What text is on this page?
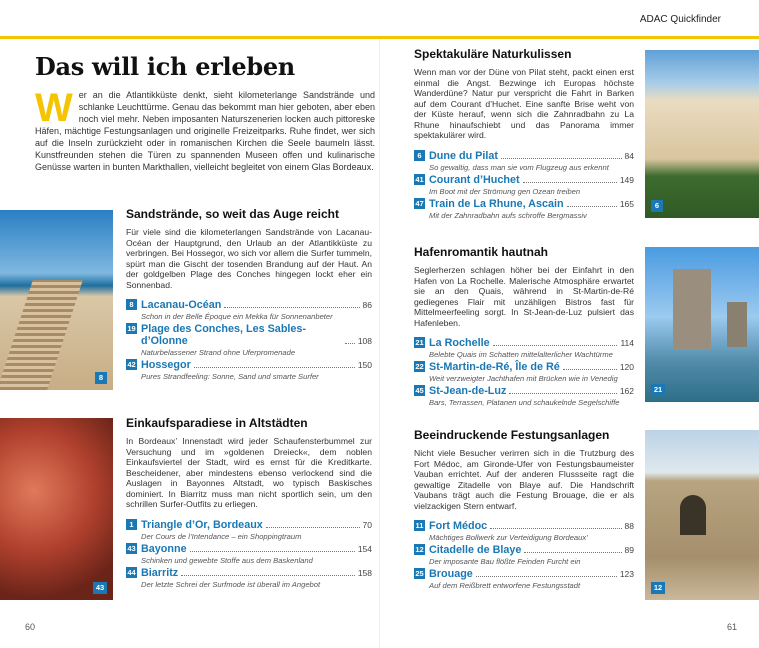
ADAC Quickfinder
Das will ich erleben
Wer an die Atlantikküste denkt, sieht kilometerlange Sandstrände und schlanke Leuchttürme. Genau das bekommt man hier geboten, aber eben noch viel mehr. Neben imposanten Naturszenerien locken auch pittoreske Häfen, mächtige Festungsanlagen und originelle Freizeitparks. Ruhe findet, wer sich auf die Inseln zurückzieht oder in romanischen Kirchen die Seele baumeln lässt. Kunstfreunden stehen die Türen zu spannenden Museen offen und kulinarische Genüsse warten in bunten Markthallen, vielleicht begleitet von einem Glas Bordeaux.
8
43
6
21
12
Sandstrände, so weit das Auge reicht

Für viele sind die kilometerlangen Sandstrände von Lacanau-Océan der Hauptgrund, den Urlaub an der Atlantikküste zu verbringen. Bei Hossegor, wo sich vor allem die Surfer tummeln, spürt man die Gischt der tosenden Brandung auf der Haut. An der goldgelben Plage des Conches hingegen lockt eher ein Sonnenbad.

8 Lacanau-Océan	86
Schon in der Belle Époque ein Mekka für Sonnenanbeter
19 Plage des Conches, Les Sables-d’Olonne	108
Naturbelassener Strand ohne Uferpromenade
42 Hossegor	150
Pures Strandfeeling: Sonne, Sand und smarte Surfer
Einkaufsparadiese in Altstädten

In Bordeaux’ Innenstadt wird jeder Schaufensterbummel zur Versuchung und im »goldenen Dreieck«, dem noblen Einkaufsviertel der Stadt, wird es ernst für die Kreditkarte. Bescheidener, aber mindestens ebenso verlockend sind die Auslagen in Bayonnes Altstadt, wo typisch Baskisches dominiert. In Biarritz muss man nicht sportlich sein, um den schrillen Surfer-Outfits zu erliegen.

1 Triangle d’Or, Bordeaux	70
Der Cours de l’Intendance – ein Shoppingtraum
43 Bayonne	154
Schinken und gewebte Stoffe aus dem Baskenland
44 Biarritz	158
Der letzte Schrei der Surfmode ist überall im Angebot
Spektakuläre Naturkulissen

Wenn man vor der Düne von Pilat steht, packt einen erst einmal die Angst. Bezwinge ich Europas höchste Wanderdüne? Natur pur verspricht die Fahrt in Barken auf dem Courant d’Huchet. Eine sanfte Brise weht von der Küste herauf, wenn sich die Zahnradbahn zu La Rhune hinaufschiebt und das Panorama immer spektakulärer wird.

6 Dune du Pilat	84
So gewaltig, dass man sie vom Flugzeug aus erkennt
41 Courant d’Huchet	149
Im Boot mit der Strömung gen Ozean treiben
47 Train de La Rhune, Ascain	165
Mit der Zahnradbahn aufs schroffe Bergmassiv
Hafenromantik hautnah

Seglerherzen schlagen höher bei der Einfahrt in den Hafen von La Rochelle. Malerische Atmosphäre erwartet sie an den Quais, während in St-Martin-de-Ré gediegenes Flair mit unzähligen Bistros fast für Mittelmeerfeeling sorgt. In St-Jean-de-Luz pulsiert das Hafenleben.

21 La Rochelle	114
Belebte Quais im Schatten mittelalterlicher Wachtürme
22 St-Martin-de-Ré, Île de Ré	120
Weit verzweigter Jachthafen mit Brücken wie in Venedig
45 St-Jean-de-Luz	162
Bars, Terrassen, Platanen und schaukelnde Segelschiffe
Beeindruckende Festungsanlagen

Nicht viele Besucher verirren sich in die Trutzburg des Fort Médoc, am Gironde-Ufer von Festungsbaumeister Vauban errichtet. Auf der anderen Flussseite ragt die gewaltige Zitadelle von Blaye auf. Die Handschrift Vaubans trägt auch die Festung Brouage, die er als vielzackigen Stern entwarf.

11 Fort Médoc	88
Mächtiges Bollwerk zur Verteidigung Bordeaux’
12 Citadelle de Blaye	89
Der imposante Bau flößte Feinden Furcht ein
25 Brouage	123
Auf dem Reißbrett entworfene Festungsstadt
60	61
